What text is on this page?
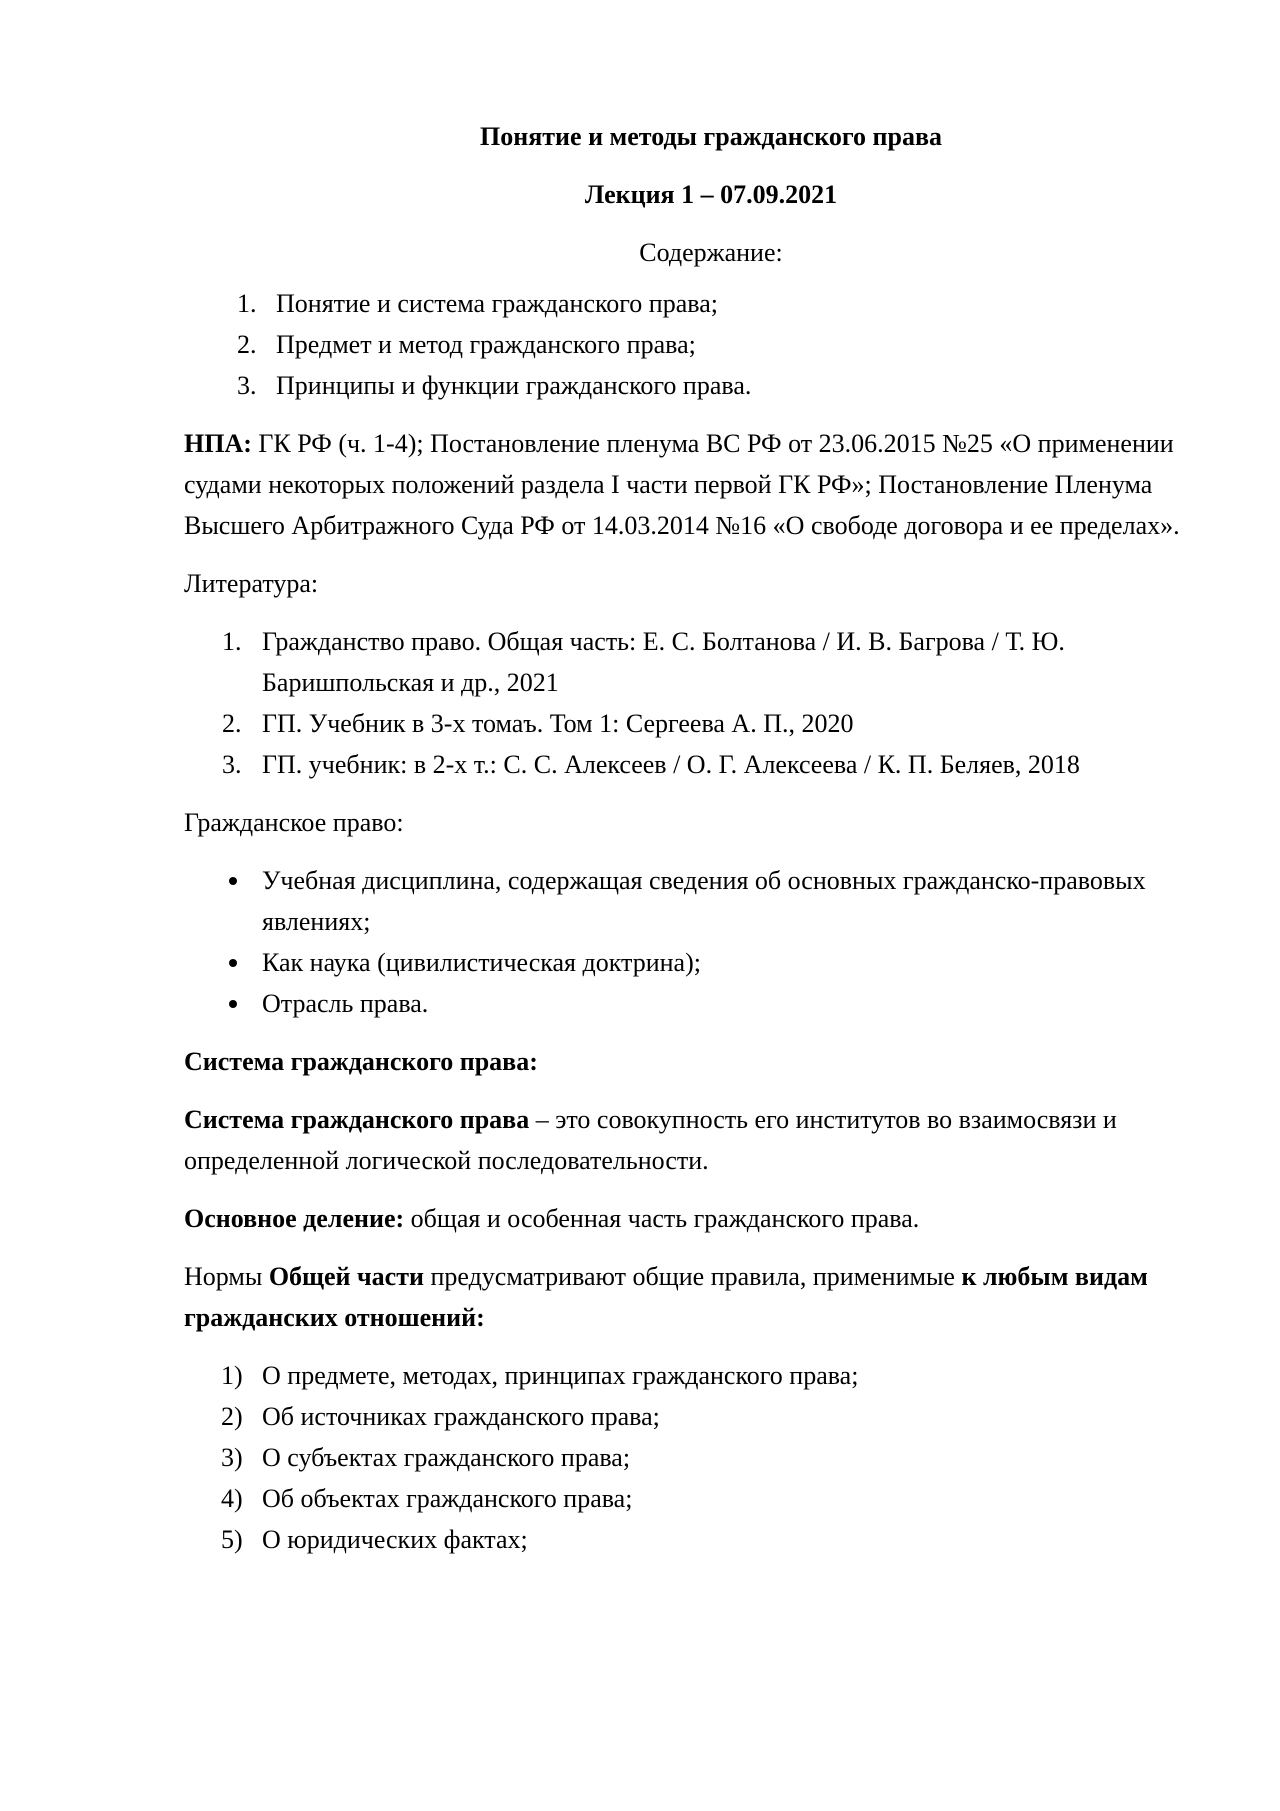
Понятие и методы гражданского права
Лекция 1 – 07.09.2021
Содержание:
1. Понятие и система гражданского права;
2. Предмет и метод гражданского права;
3. Принципы и функции гражданского права.

НПА: ГК РФ (ч. 1-4); Постановление пленума ВС РФ от 23.06.2015 №25 «О применении судами некоторых положений раздела I части первой ГК РФ»; Постановление Пленума Высшего Арбитражного Суда РФ от 14.03.2014 №16 «О свободе договора и ее пределах».

Литература:

1. Гражданство право. Общая часть: Е. С. Болтанова / И. В. Багрова / Т. Ю. Баришпольская и др., 2021
2. ГП. Учебник в 3-х томаъ. Том 1: Сергеева А. П., 2020
3. ГП. учебник: в 2-х т.: С. С. Алексеев / О. Г. Алексеева / К. П. Беляев, 2018

Гражданское право:

Учебная дисциплина, содержащая сведения об основных гражданско-правовых явлениях;
Как наука (цивилистическая доктрина);
Отрасль права.

Система гражданского права:

Система гражданского права – это совокупность его институтов во взаимосвязи и определенной логической последовательности.

Основное деление: общая и особенная часть гражданского права.

Нормы Общей части предусматривают общие правила, применимые к любым видам гражданских отношений:

1) О предмете, методах, принципах гражданского права;
2) Об источниках гражданского права;
3) О субъектах гражданского права;
4) Об объектах гражданского права;
5) О юридических фактах;
